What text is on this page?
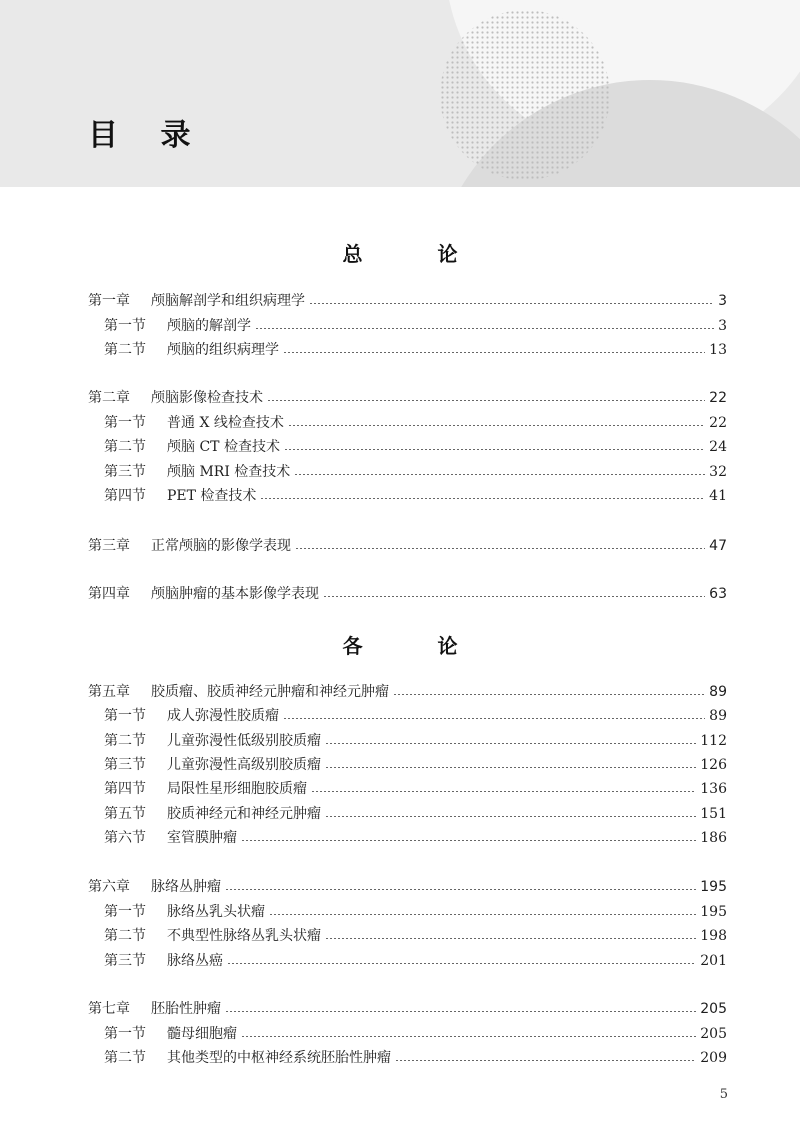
目 录
总 论
第一章	颅脑解剖学和组织病理学	3
第一节	颅脑的解剖学	3
第二节	颅脑的组织病理学	13
第二章	颅脑影像检查技术	22
第一节	普通 X 线检查技术	22
第二节	颅脑 CT 检查技术	24
第三节	颅脑 MRI 检查技术	32
第四节	PET 检查技术	41
第三章	正常颅脑的影像学表现	47
第四章	颅脑肿瘤的基本影像学表现	63
各 论
第五章	胶质瘤、胶质神经元肿瘤和神经元肿瘤	89
第一节	成人弥漫性胶质瘤	89
第二节	儿童弥漫性低级别胶质瘤	112
第三节	儿童弥漫性高级别胶质瘤	126
第四节	局限性星形细胞胶质瘤	136
第五节	胶质神经元和神经元肿瘤	151
第六节	室管膜肿瘤	186
第六章	脉络丛肿瘤	195
第一节	脉络丛乳头状瘤	195
第二节	不典型性脉络丛乳头状瘤	198
第三节	脉络丛癌	201
第七章	胚胎性肿瘤	205
第一节	髓母细胞瘤	205
第二节	其他类型的中枢神经系统胚胎性肿瘤	209
5
